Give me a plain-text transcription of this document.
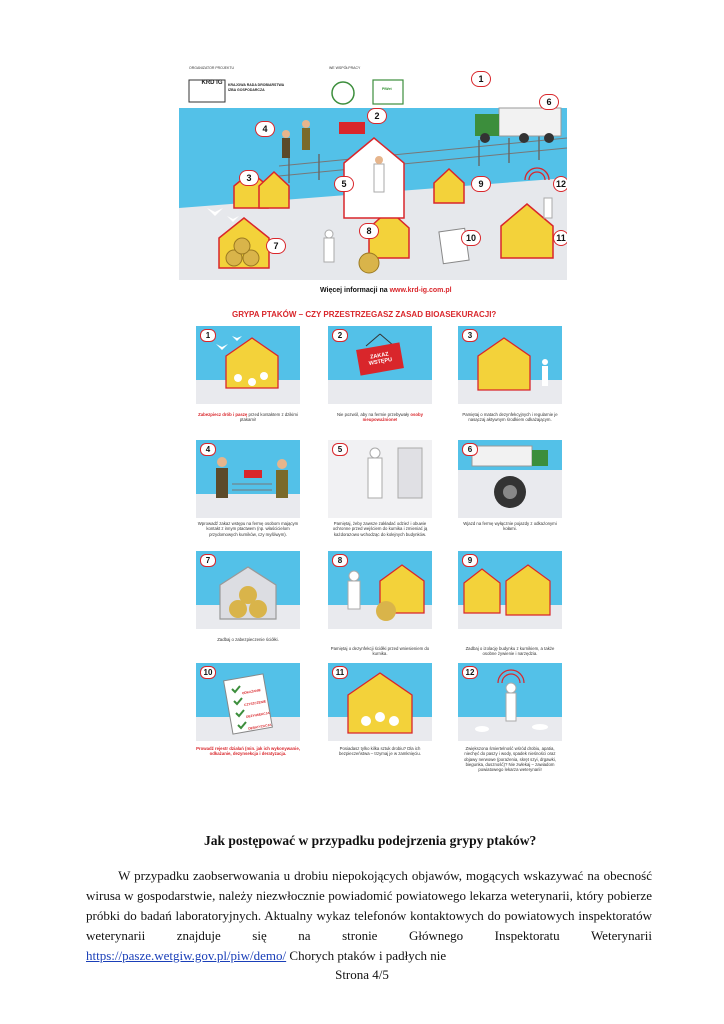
ORGANIZATOR PROJEKTU	WE WSPÓŁPRACY
KRD IG KRAJOWA RADA DROBIARSTWA IZBA GOSPODARCZA	PIWet
1
2
3
4
5
6
7
8
9
10
12
11
Więcej informacji na www.krd-ig.com.pl
GRYPA PTAKÓW – CZY PRZESTRZEGASZ ZASAD BIOASEKURACJI?
1
Zabezpiecz drób i paszę przed kontaktem z dzikimi ptakami!
2
ZAKAZ WSTĘPU
Nie pozwól, aby na fermie przebywały osoby nieupoważnione!
3
Pamiętaj o matach dezynfekcyjnych i regularnie je nasączaj aktywnym środkiem odkażającym.
4
Wprowadź zakaz wstępu na fermę osobom mającym kontakt z innym ptactwem (np. właścicielom przydomowych kurników, czy myśliwym).
5
Pamiętaj, żeby zawsze zakładać odzież i obuwie ochronne przed wejściem do kurnika i zmieniać ją każdorazowo wchodząc do kolejnych budynków.
6
Wjazd na fermę wyłącznie pojazdy z odkażonymi kołami.
7
Zadbaj o zabezpieczenie ściółki.
8
Pamiętaj o dezynfekcji ściółki przed wniesieniem do kurnika.
9
Zadbaj o izolację budynku z kurnikiem, a także osobne żywienie i narzędzia.
10
ODKAŻANIE
CZYSZCZENIE
DEZYNSEKCJA
DERATYZACJA
Prowadź rejestr działań (min. jak ich wykonywanie, odkażanie, dezynsekcja i deratyzacja.
11
Posiadasz tylko kilka sztuk drobiu? Dla ich bezpieczeństwa – trzymaj je w zamknięciu.
12
Zwiększona śmiertelność wśród drobiu, apatia, niechęć do paszy i wody, spadek nieśności oraz objawy nerwowe (porażenia, skręt szyi, drgawki, biegunka, duszność)? Nie zwlekaj – zawiadom powiatowego lekarza weterynarii!
Jak postępować w przypadku podejrzenia grypy ptaków?
W przypadku zaobserwowania u drobiu niepokojących objawów, mogących wskazywać na obecność wirusa w gospodarstwie, należy niezwłocznie powiadomić powiatowego lekarza weterynarii, który pobierze próbki do badań laboratoryjnych. Aktualny wykaz telefonów kontaktowych do powiatowych inspektoratów weterynarii znajduje się na stronie Głównego Inspektoratu Weterynarii https://pasze.wetgiw.gov.pl/piw/demo/ Chorych ptaków i padłych nie
Strona 4/5
